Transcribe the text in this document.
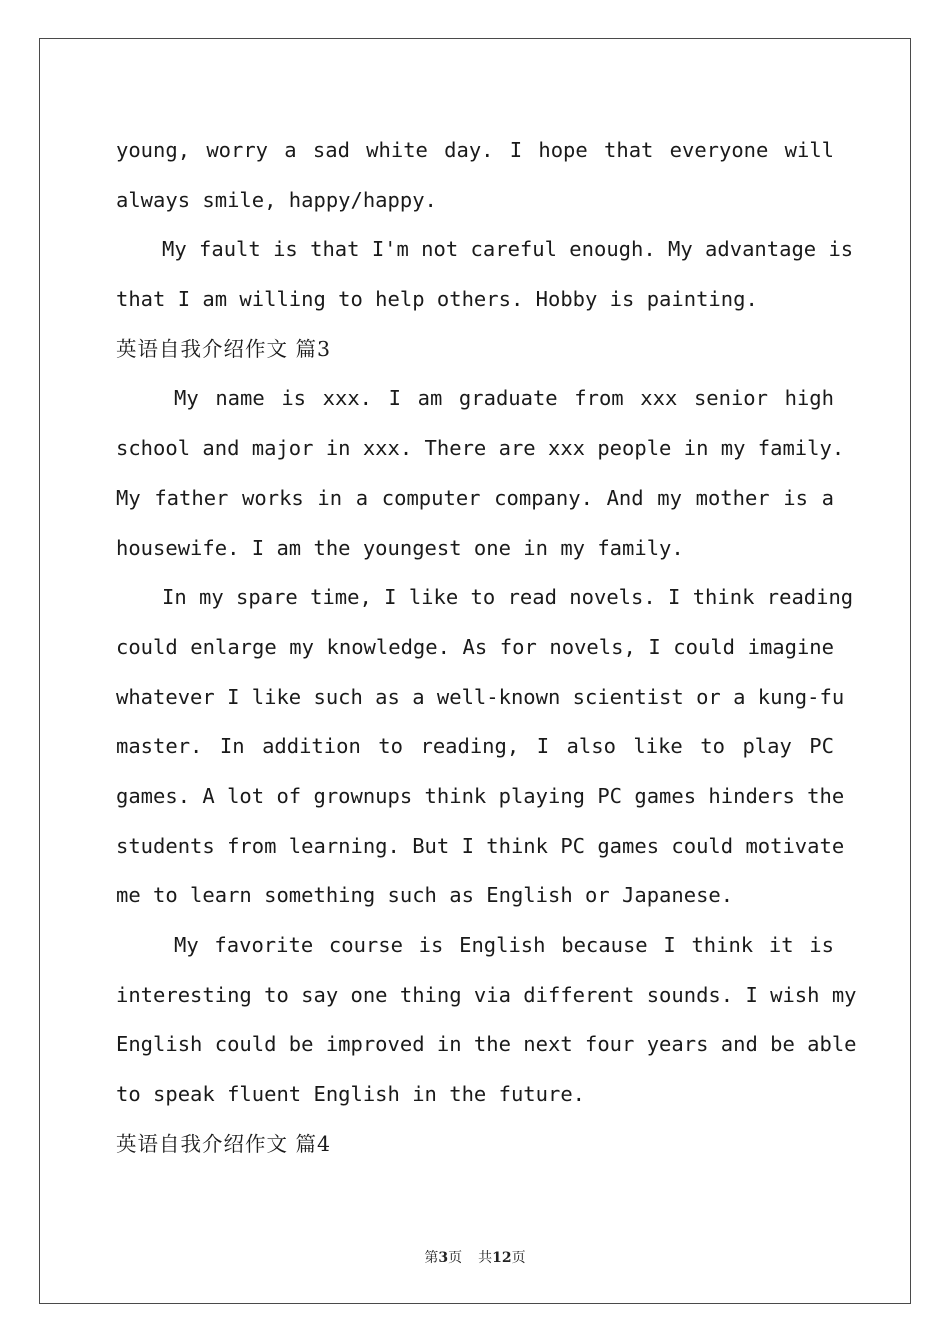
young, worry a sad white day. I hope that everyone will
always smile, happy/happy.
My fault is that I'm not careful enough. My advantage is
that I am willing to help others. Hobby is painting.
英语自我介绍作文 篇3
My name is xxx. I am graduate from xxx senior high
school and major in xxx. There are xxx people in my family.
My father works in a computer company. And my mother is a
housewife. I am the youngest one in my family.
In my spare time, I like to read novels. I think reading
could enlarge my knowledge. As for novels, I could imagine
whatever I like such as a well-known scientist or a kung-fu
master. In addition to reading, I also like to play PC
games. A lot of grownups think playing PC games hinders the
students from learning. But I think PC games could motivate
me to learn something such as English or Japanese.
My favorite course is English because I think it is
interesting to say one thing via different sounds. I wish my
English could be improved in the next four years and be able
to speak fluent English in the future.
英语自我介绍作文 篇4
第3页 共12页
